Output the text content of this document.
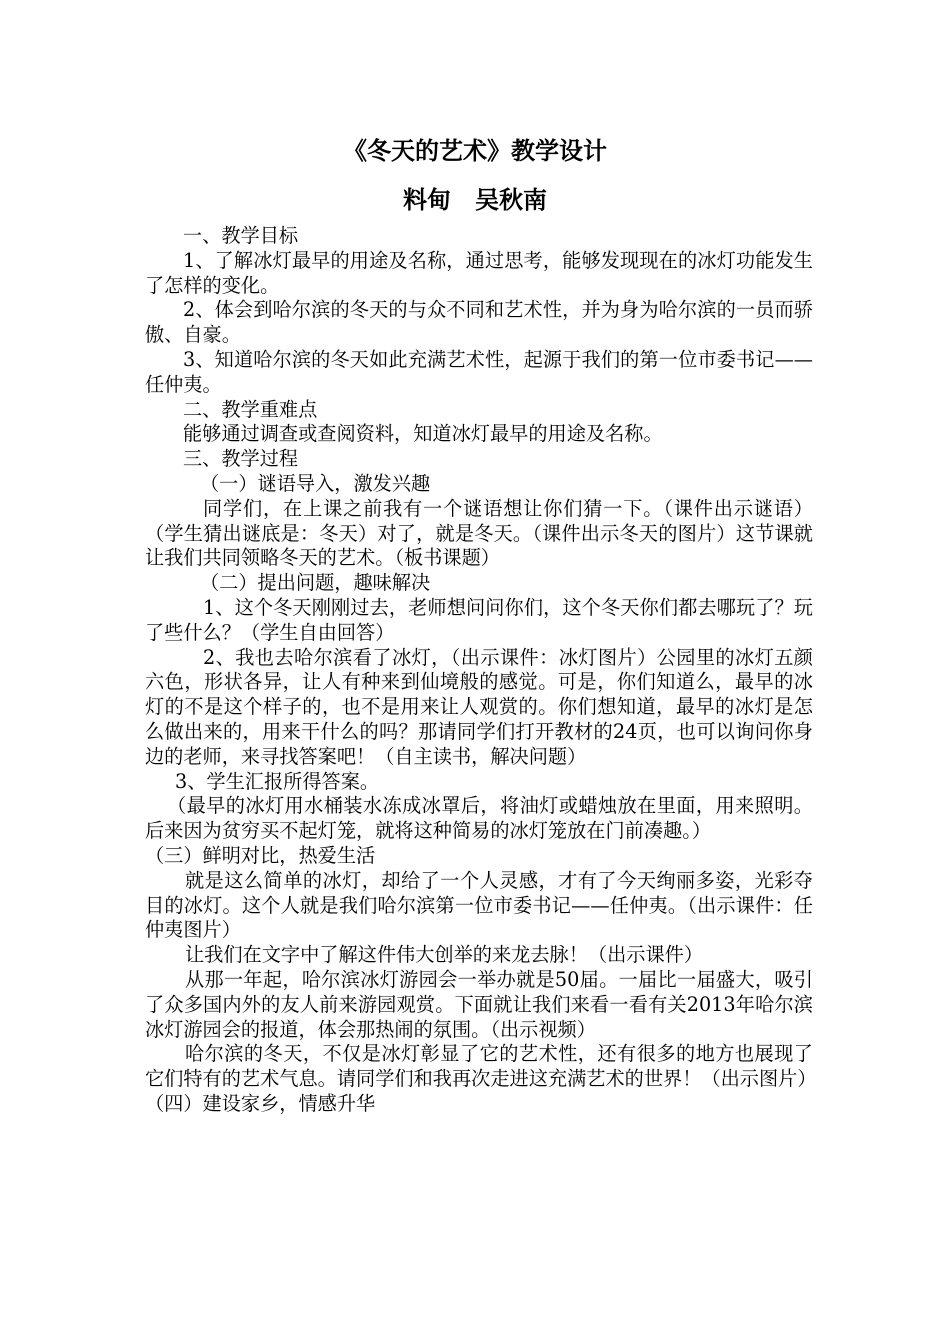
《冬天的艺术》教学设计
料甸　吴秋南

一、教学目标

1、了解冰灯最早的用途及名称，通过思考，能够发现现在的冰灯功能发生了怎样的变化。

2、体会到哈尔滨的冬天的与众不同和艺术性，并为身为哈尔滨的一员而骄傲、自豪。

3、知道哈尔滨的冬天如此充满艺术性，起源于我们的第一位市委书记——任仲夷。

二、教学重难点

能够通过调查或查阅资料，知道冰灯最早的用途及名称。

三、教学过程

（一）谜语导入，激发兴趣

同学们，在上课之前我有一个谜语想让你们猜一下。（课件出示谜语）（学生猜出谜底是：冬天）对了，就是冬天。（课件出示冬天的图片）这节课就让我们共同领略冬天的艺术。（板书课题）

（二）提出问题，趣味解决

1、这个冬天刚刚过去，老师想问问你们，这个冬天你们都去哪玩了？玩了些什么？（学生自由回答）

2、我也去哈尔滨看了冰灯，（出示课件：冰灯图片）公园里的冰灯五颜六色，形状各异，让人有种来到仙境般的感觉。可是，你们知道么，最早的冰灯的不是这个样子的，也不是用来让人观赏的。你们想知道，最早的冰灯是怎么做出来的，用来干什么的吗？那请同学们打开教材的24页，也可以询问你身边的老师，来寻找答案吧！（自主读书，解决问题）

3、学生汇报所得答案。

（最早的冰灯用水桶装水冻成冰罩后，将油灯或蜡烛放在里面，用来照明。后来因为贫穷买不起灯笼，就将这种简易的冰灯笼放在门前凑趣。）

（三）鲜明对比，热爱生活

就是这么简单的冰灯，却给了一个人灵感，才有了今天绚丽多姿，光彩夺目的冰灯。这个人就是我们哈尔滨第一位市委书记——任仲夷。（出示课件：任仲夷图片）

让我们在文字中了解这件伟大创举的来龙去脉！（出示课件）

从那一年起，哈尔滨冰灯游园会一举办就是50届。一届比一届盛大，吸引了众多国内外的友人前来游园观赏。下面就让我们来看一看有关2013年哈尔滨冰灯游园会的报道，体会那热闹的氛围。（出示视频）

哈尔滨的冬天，不仅是冰灯彰显了它的艺术性，还有很多的地方也展现了它们特有的艺术气息。请同学们和我再次走进这充满艺术的世界！（出示图片）

（四）建设家乡，情感升华
